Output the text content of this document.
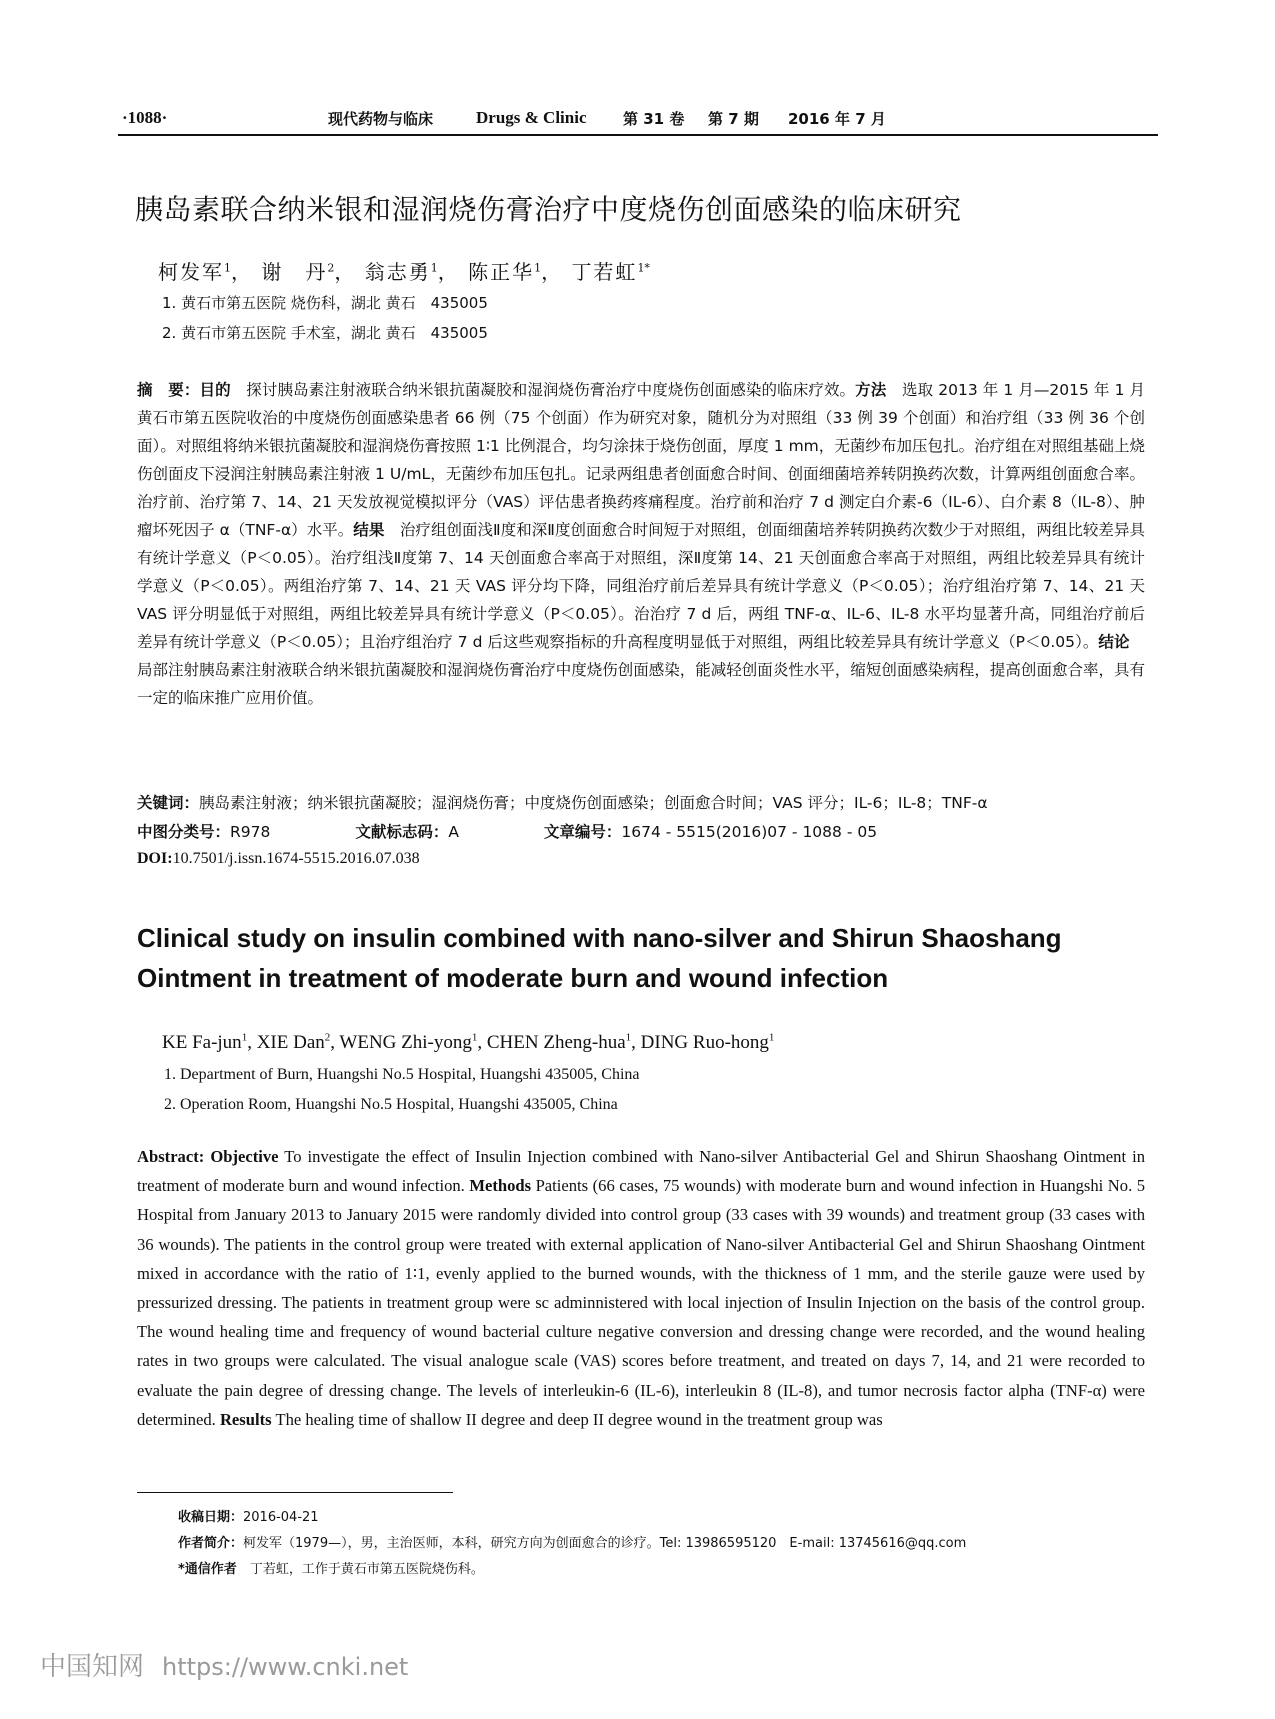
·1088·	现代药物与临床	Drugs & Clinic 第 31 卷 第 7 期 2016 年 7 月
胰岛素联合纳米银和湿润烧伤膏治疗中度烧伤创面感染的临床研究
柯发军$^1$， 谢　丹$^2$， 翁志勇$^1$， 陈正华$^1$， 丁若虹$^{1*}$
1. 黄石市第五医院 烧伤科，湖北 黄石　435005
2. 黄石市第五医院 手术室，湖北 黄石　435005
摘　要：目的　探讨胰岛素注射液联合纳米银抗菌凝胶和湿润烧伤膏治疗中度烧伤创面感染的临床疗效。方法　选取 2013 年 1 月—2015 年 1 月黄石市第五医院收治的中度烧伤创面感染患者 66 例（75 个创面）作为研究对象，随机分为对照组（33 例 39 个创面）和治疗组（33 例 36 个创面）。对照组将纳米银抗菌凝胶和湿润烧伤膏按照 1∶1 比例混合，均匀涂抹于烧伤创面，厚度 1 mm，无菌纱布加压包扎。治疗组在对照组基础上烧伤创面皮下浸润注射胰岛素注射液 1 U/mL，无菌纱布加压包扎。记录两组患者创面愈合时间、创面细菌培养转阴换药次数，计算两组创面愈合率。治疗前、治疗第 7、14、21 天发放视觉模拟评分（VAS）评估患者换药疼痛程度。治疗前和治疗 7 d 测定白介素-6（IL-6）、白介素 8（IL-8）、肿瘤坏死因子 α（TNF-α）水平。结果　治疗组创面浅Ⅱ度和深Ⅱ度创面愈合时间短于对照组，创面细菌培养转阴换药次数少于对照组，两组比较差异具有统计学意义（P＜0.05）。治疗组浅Ⅱ度第 7、14 天创面愈合率高于对照组，深Ⅱ度第 14、21 天创面愈合率高于对照组，两组比较差异具有统计学意义（P＜0.05）。两组治疗第 7、14、21 天 VAS 评分均下降，同组治疗前后差异具有统计学意义（P＜0.05）；治疗组治疗第 7、14、21 天 VAS 评分明显低于对照组，两组比较差异具有统计学意义（P＜0.05）。治治疗 7 d 后，两组 TNF-α、IL-6、IL-8 水平均显著升高，同组治疗前后差异有统计学意义（P＜0.05）；且治疗组治疗 7 d 后这些观察指标的升高程度明显低于对照组，两组比较差异具有统计学意义（P＜0.05）。结论　局部注射胰岛素注射液联合纳米银抗菌凝胶和湿润烧伤膏治疗中度烧伤创面感染，能减轻创面炎性水平，缩短创面感染病程，提高创面愈合率，具有一定的临床推广应用价值。
关键词：胰岛素注射液；纳米银抗菌凝胶；湿润烧伤膏；中度烧伤创面感染；创面愈合时间；VAS 评分；IL-6；IL-8；TNF-α
中图分类号：R978	文献标志码：A	文章编号：1674 - 5515(2016)07 - 1088 - 05
DOI:10.7501/j.issn.1674-5515.2016.07.038
Clinical study on insulin combined with nano-silver and Shirun Shaoshang Ointment in treatment of moderate burn and wound infection
KE Fa-jun$^1$, XIE Dan$^2$, WENG Zhi-yong$^1$, CHEN Zheng-hua$^1$, DING Ruo-hong$^1$
1. Department of Burn, Huangshi No.5 Hospital, Huangshi 435005, China
2. Operation Room, Huangshi No.5 Hospital, Huangshi 435005, China
Abstract: Objective To investigate the effect of Insulin Injection combined with Nano-silver Antibacterial Gel and Shirun Shaoshang Ointment in treatment of moderate burn and wound infection. Methods Patients (66 cases, 75 wounds) with moderate burn and wound infection in Huangshi No. 5 Hospital from January 2013 to January 2015 were randomly divided into control group (33 cases with 39 wounds) and treatment group (33 cases with 36 wounds). The patients in the control group were treated with external application of Nano-silver Antibacterial Gel and Shirun Shaoshang Ointment mixed in accordance with the ratio of 1∶1, evenly applied to the burned wounds, with the thickness of 1 mm, and the sterile gauze were used by pressurized dressing. The patients in treatment group were sc adminnistered with local injection of Insulin Injection on the basis of the control group. The wound healing time and frequency of wound bacterial culture negative conversion and dressing change were recorded, and the wound healing rates in two groups were calculated. The visual analogue scale (VAS) scores before treatment, and treated on days 7, 14, and 21 were recorded to evaluate the pain degree of dressing change. The levels of interleukin-6 (IL-6), interleukin 8 (IL-8), and tumor necrosis factor alpha (TNF-α) were determined. Results The healing time of shallow II degree and deep II degree wound in the treatment group was
收稿日期：2016-04-21
作者简介：柯发军（1979—），男，主治医师，本科，研究方向为创面愈合的诊疗。Tel: 13986595120　E-mail: 13745616@qq.com
*通信作者　丁若虹，工作于黄石市第五医院烧伤科。
中国知网 https://www.cnki.net
